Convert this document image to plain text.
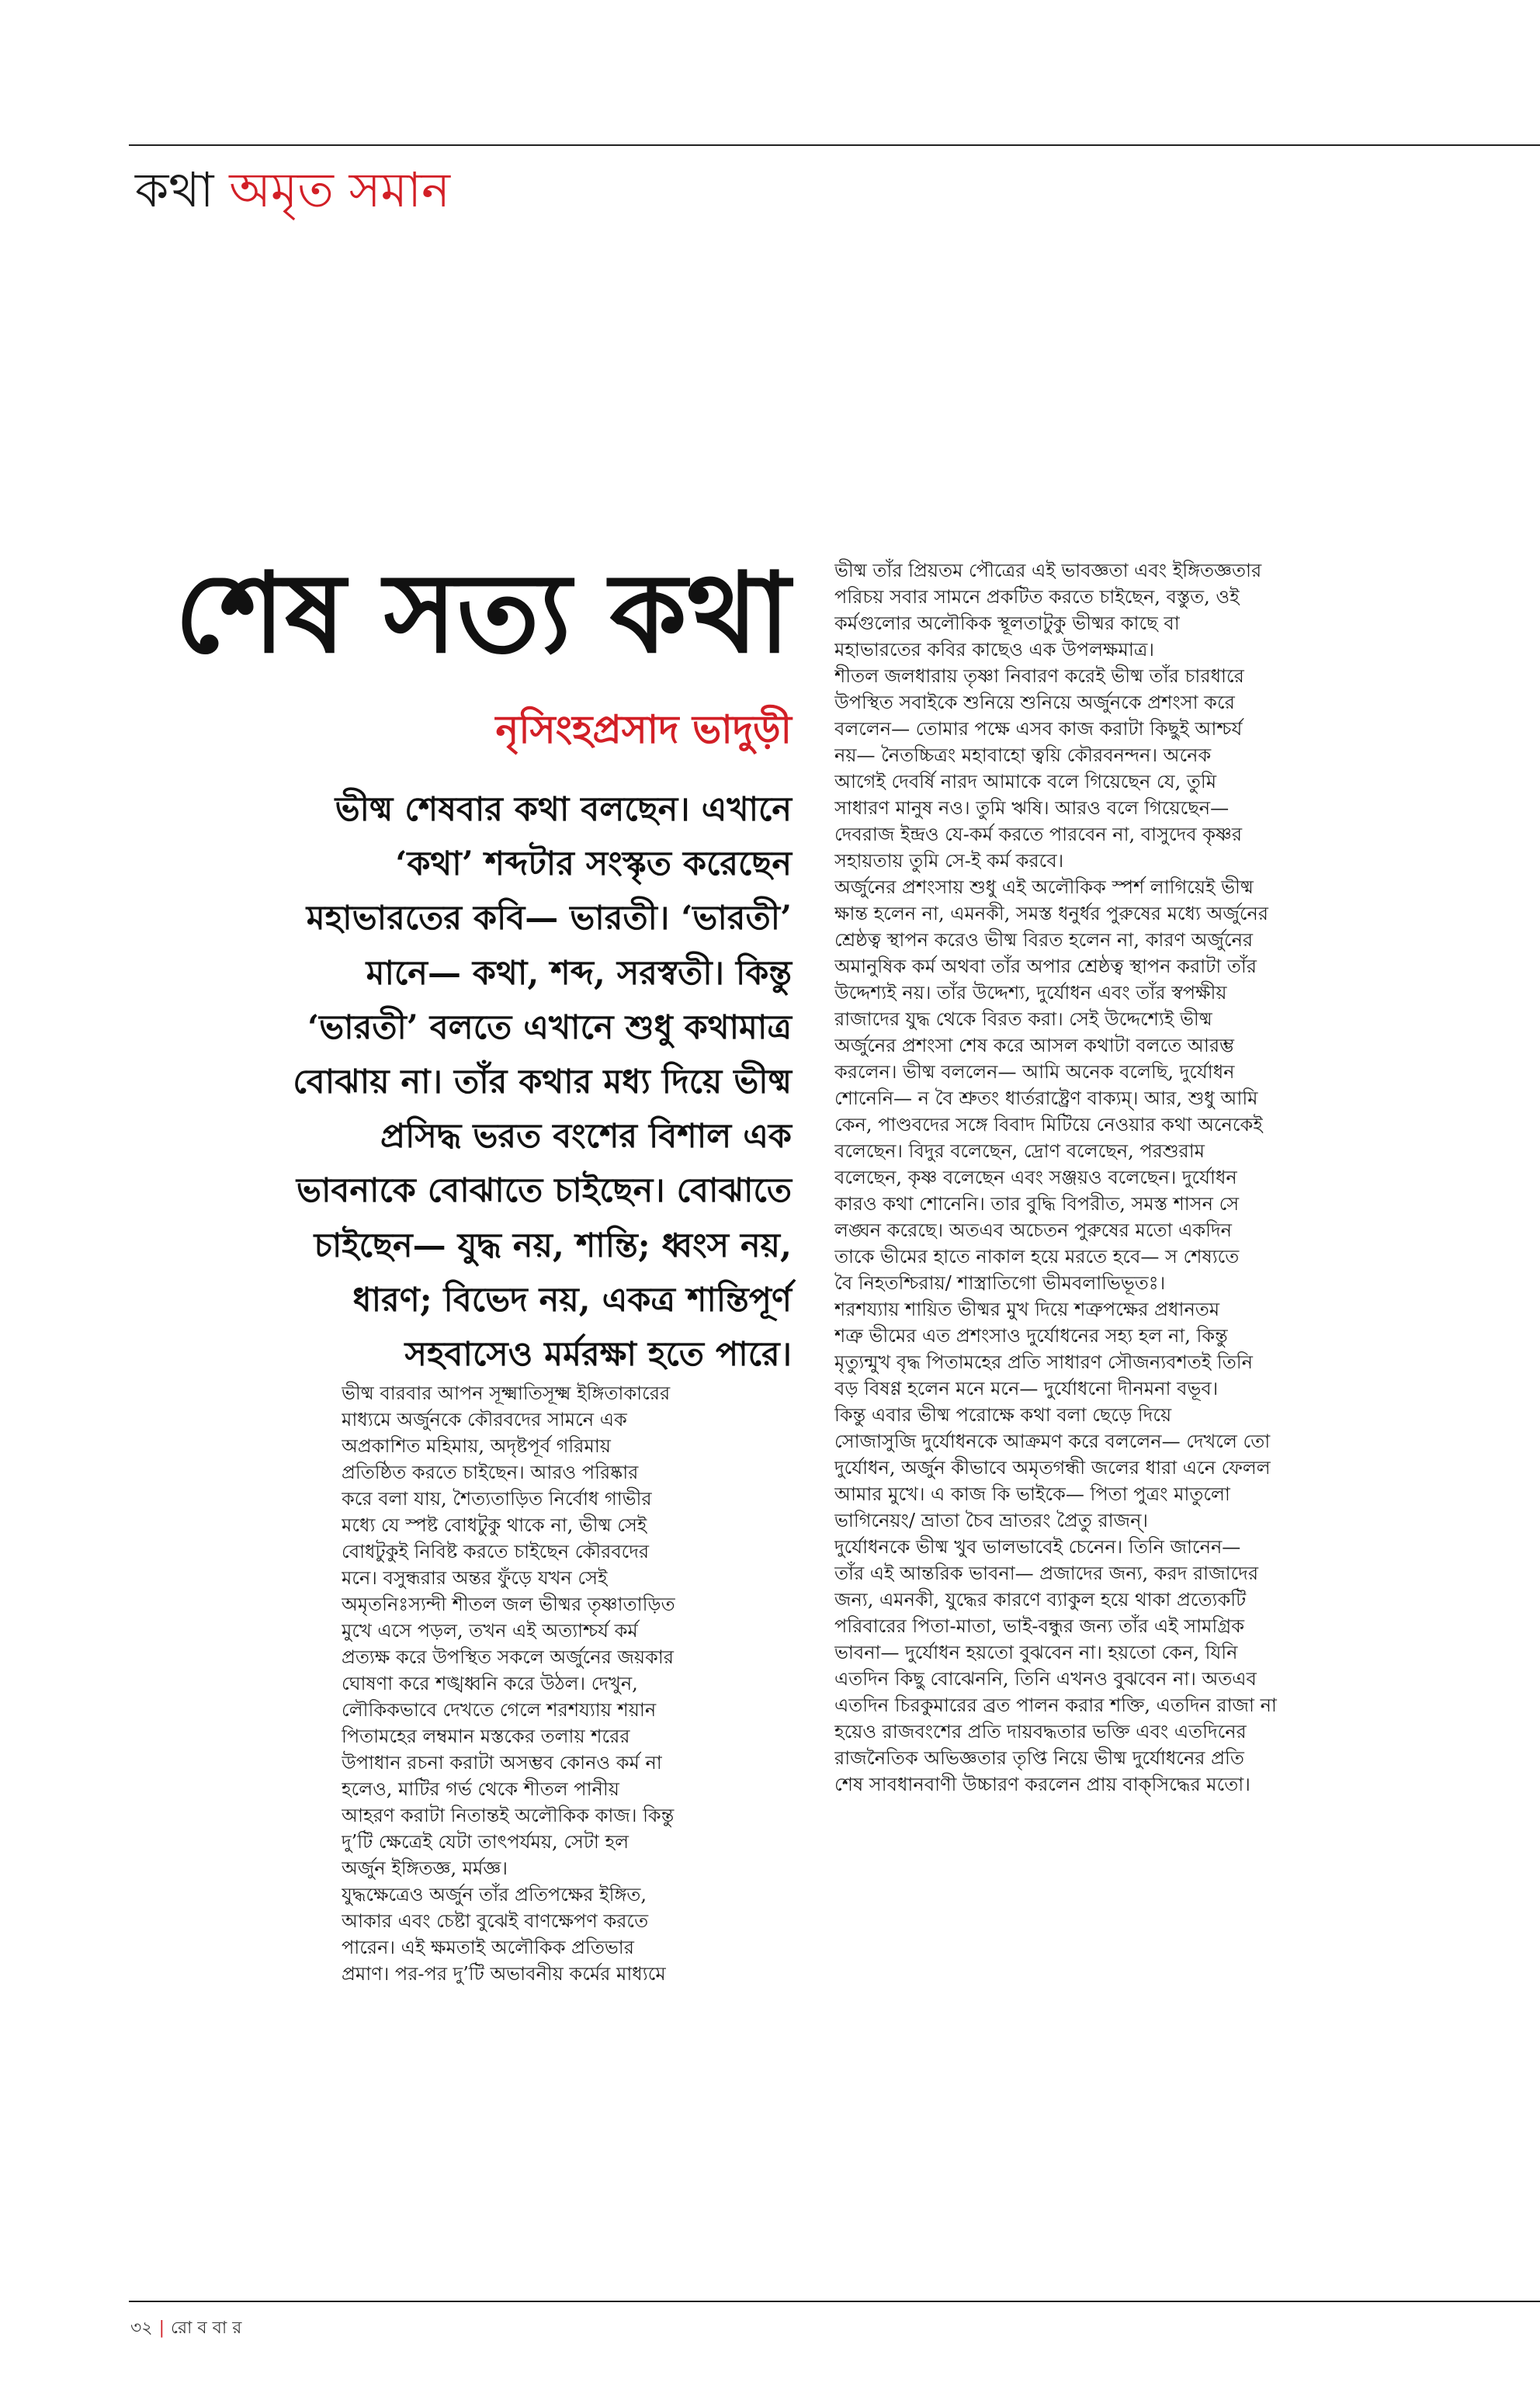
কথা অমৃত সমান
শেষ সত্য কথা
নৃসিংহপ্রসাদ ভাদুড়ী
ভীষ্ম শেষবার কথা বলছেন। এখানে
‘কথা’ শব্দটার সংস্কৃত করেছেন
মহাভারতের কবি— ভারতী। ‘ভারতী’
মানে— কথা, শব্দ, সরস্বতী। কিন্তু
‘ভারতী’ বলতে এখানে শুধু কথামাত্র
বোঝায় না। তাঁর কথার মধ্য দিয়ে ভীষ্ম
প্রসিদ্ধ ভরত বংশের বিশাল এক
ভাবনাকে বোঝাতে চাইছেন। বোঝাতে
চাইছেন— যুদ্ধ নয়, শান্তি; ধ্বংস নয়,
ধারণ; বিভেদ নয়, একত্র শান্তিপূর্ণ
সহবাসেও মর্মরক্ষা হতে পারে।
ভীষ্ম বারবার আপন সূক্ষ্মাতিসূক্ষ্ম ইঙ্গিতাকারের
মাধ্যমে অর্জুনকে কৌরবদের সামনে এক
অপ্রকাশিত মহিমায়, অদৃষ্টপূর্ব গরিমায়
প্রতিষ্ঠিত করতে চাইছেন। আরও পরিষ্কার
করে বলা যায়, শৈত্যতাড়িত নির্বোধ গাভীর
মধ্যে যে স্পষ্ট বোধটুকু থাকে না, ভীষ্ম সেই
বোধটুকুই নিবিষ্ট করতে চাইছেন কৌরবদের
মনে। বসুন্ধরার অন্তর ফুঁড়ে যখন সেই
অমৃতনিঃস্যন্দী শীতল জল ভীষ্মর তৃষ্ণাতাড়িত
মুখে এসে পড়ল, তখন এই অত্যাশ্চর্য কর্ম
প্রত্যক্ষ করে উপস্থিত সকলে অর্জুনের জয়কার
ঘোষণা করে শঙ্খধ্বনি করে উঠল। দেখুন,
লৌকিকভাবে দেখতে গেলে শরশয্যায় শয়ান
পিতামহের লম্বমান মস্তকের তলায় শরের
উপাধান রচনা করাটা অসম্ভব কোনও কর্ম না
হলেও, মাটির গর্ভ থেকে শীতল পানীয়
আহরণ করাটা নিতান্তই অলৌকিক কাজ। কিন্তু
দু’টি ক্ষেত্রেই যেটা তাৎপর্যময়, সেটা হল
অর্জুন ইঙ্গিতজ্ঞ, মর্মজ্ঞ।
যুদ্ধক্ষেত্রেও অর্জুন তাঁর প্রতিপক্ষের ইঙ্গিত,
আকার এবং চেষ্টা বুঝেই বাণক্ষেপণ করতে
পারেন। এই ক্ষমতাই অলৌকিক প্রতিভার
প্রমাণ। পর-পর দু’টি অভাবনীয় কর্মের মাধ্যমে
ভীষ্ম তাঁর প্রিয়তম পৌত্রের এই ভাবজ্ঞতা এবং ইঙ্গিতজ্ঞতার
পরিচয় সবার সামনে প্রকটিত করতে চাইছেন, বস্তুত, ওই
কর্মগুলোর অলৌকিক স্থূলতাটুকু ভীষ্মর কাছে বা
মহাভারতের কবির কাছেও এক উপলক্ষমাত্র।
শীতল জলধারায় তৃষ্ণা নিবারণ করেই ভীষ্ম তাঁর চারধারে
উপস্থিত সবাইকে শুনিয়ে শুনিয়ে অর্জুনকে প্রশংসা করে
বললেন— তোমার পক্ষে এসব কাজ করাটা কিছুই আশ্চর্য
নয়— নৈতচ্চিত্রং মহাবাহো ত্বয়ি কৌরবনন্দন। অনেক
আগেই দেবর্ষি নারদ আমাকে বলে গিয়েছেন যে, তুমি
সাধারণ মানুষ নও। তুমি ঋষি। আরও বলে গিয়েছেন—
দেবরাজ ইন্দ্রও যে-কর্ম করতে পারবেন না, বাসুদেব কৃষ্ণর
সহায়তায় তুমি সে-ই কর্ম করবে।
অর্জুনের প্রশংসায় শুধু এই অলৌকিক স্পর্শ লাগিয়েই ভীষ্ম
ক্ষান্ত হলেন না, এমনকী, সমস্ত ধনুর্ধর পুরুষের মধ্যে অর্জুনের
শ্রেষ্ঠত্ব স্থাপন করেও ভীষ্ম বিরত হলেন না, কারণ অর্জুনের
অমানুষিক কর্ম অথবা তাঁর অপার শ্রেষ্ঠত্ব স্থাপন করাটা তাঁর
উদ্দেশ্যই নয়। তাঁর উদ্দেশ্য, দুর্যোধন এবং তাঁর স্বপক্ষীয়
রাজাদের যুদ্ধ থেকে বিরত করা। সেই উদ্দেশ্যেই ভীষ্ম
অর্জুনের প্রশংসা শেষ করে আসল কথাটা বলতে আরম্ভ
করলেন। ভীষ্ম বললেন— আমি অনেক বলেছি, দুর্যোধন
শোনেনি— ন বৈ শ্রুতং ধার্তরাষ্ট্রেণ বাক্যম্। আর, শুধু আমি
কেন, পাণ্ডবদের সঙ্গে বিবাদ মিটিয়ে নেওয়ার কথা অনেকেই
বলেছেন। বিদুর বলেছেন, দ্রোণ বলেছেন, পরশুরাম
বলেছেন, কৃষ্ণ বলেছেন এবং সঞ্জয়ও বলেছেন। দুর্যোধন
কারও কথা শোনেনি। তার বুদ্ধি বিপরীত, সমস্ত শাসন সে
লঙ্ঘন করেছে। অতএব অচেতন পুরুষের মতো একদিন
তাকে ভীমের হাতে নাকাল হয়ে মরতে হবে— স শেষ্যতে
বৈ নিহতশ্চিরায়/ শাস্ত্রাতিগো ভীমবলাভিভূতঃ।
শরশয্যায় শায়িত ভীষ্মর মুখ দিয়ে শত্রুপক্ষের প্রধানতম
শত্রু ভীমের এত প্রশংসাও দুর্যোধনের সহ্য হল না, কিন্তু
মৃত্যুন্মুখ বৃদ্ধ পিতামহের প্রতি সাধারণ সৌজন্যবশতই তিনি
বড় বিষণ্ণ হলেন মনে মনে— দুর্যোধনো দীনমনা বভূব।
কিন্তু এবার ভীষ্ম পরোক্ষে কথা বলা ছেড়ে দিয়ে
সোজাসুজি দুর্যোধনকে আক্রমণ করে বললেন— দেখলে তো
দুর্যোধন, অর্জুন কীভাবে অমৃতগন্ধী জলের ধারা এনে ফেলল
আমার মুখে। এ কাজ কি ভাইকে— পিতা পুত্রং মাতুলো
ভাগিনেয়ং/ ভ্রাতা চৈব ভ্রাতরং প্রৈতু রাজন্।
দুর্যোধনকে ভীষ্ম খুব ভালভাবেই চেনেন। তিনি জানেন—
তাঁর এই আন্তরিক ভাবনা— প্রজাদের জন্য, করদ রাজাদের
জন্য, এমনকী, যুদ্ধের কারণে ব্যাকুল হয়ে থাকা প্রত্যেকটি
পরিবারের পিতা-মাতা, ভাই-বন্ধুর জন্য তাঁর এই সামগ্রিক
ভাবনা— দুর্যোধন হয়তো বুঝবেন না। হয়তো কেন, যিনি
এতদিন কিছু বোঝেননি, তিনি এখনও বুঝবেন না। অতএব
এতদিন চিরকুমারের ব্রত পালন করার শক্তি, এতদিন রাজা না
হয়েও রাজবংশের প্রতি দায়বদ্ধতার ভক্তি এবং এতদিনের
রাজনৈতিক অভিজ্ঞতার তৃপ্তি নিয়ে ভীষ্ম দুর্যোধনের প্রতি
শেষ সাবধানবাণী উচ্চারণ করলেন প্রায় বাক্‌সিদ্ধের মতো।
৩২ | রো ব বা র
